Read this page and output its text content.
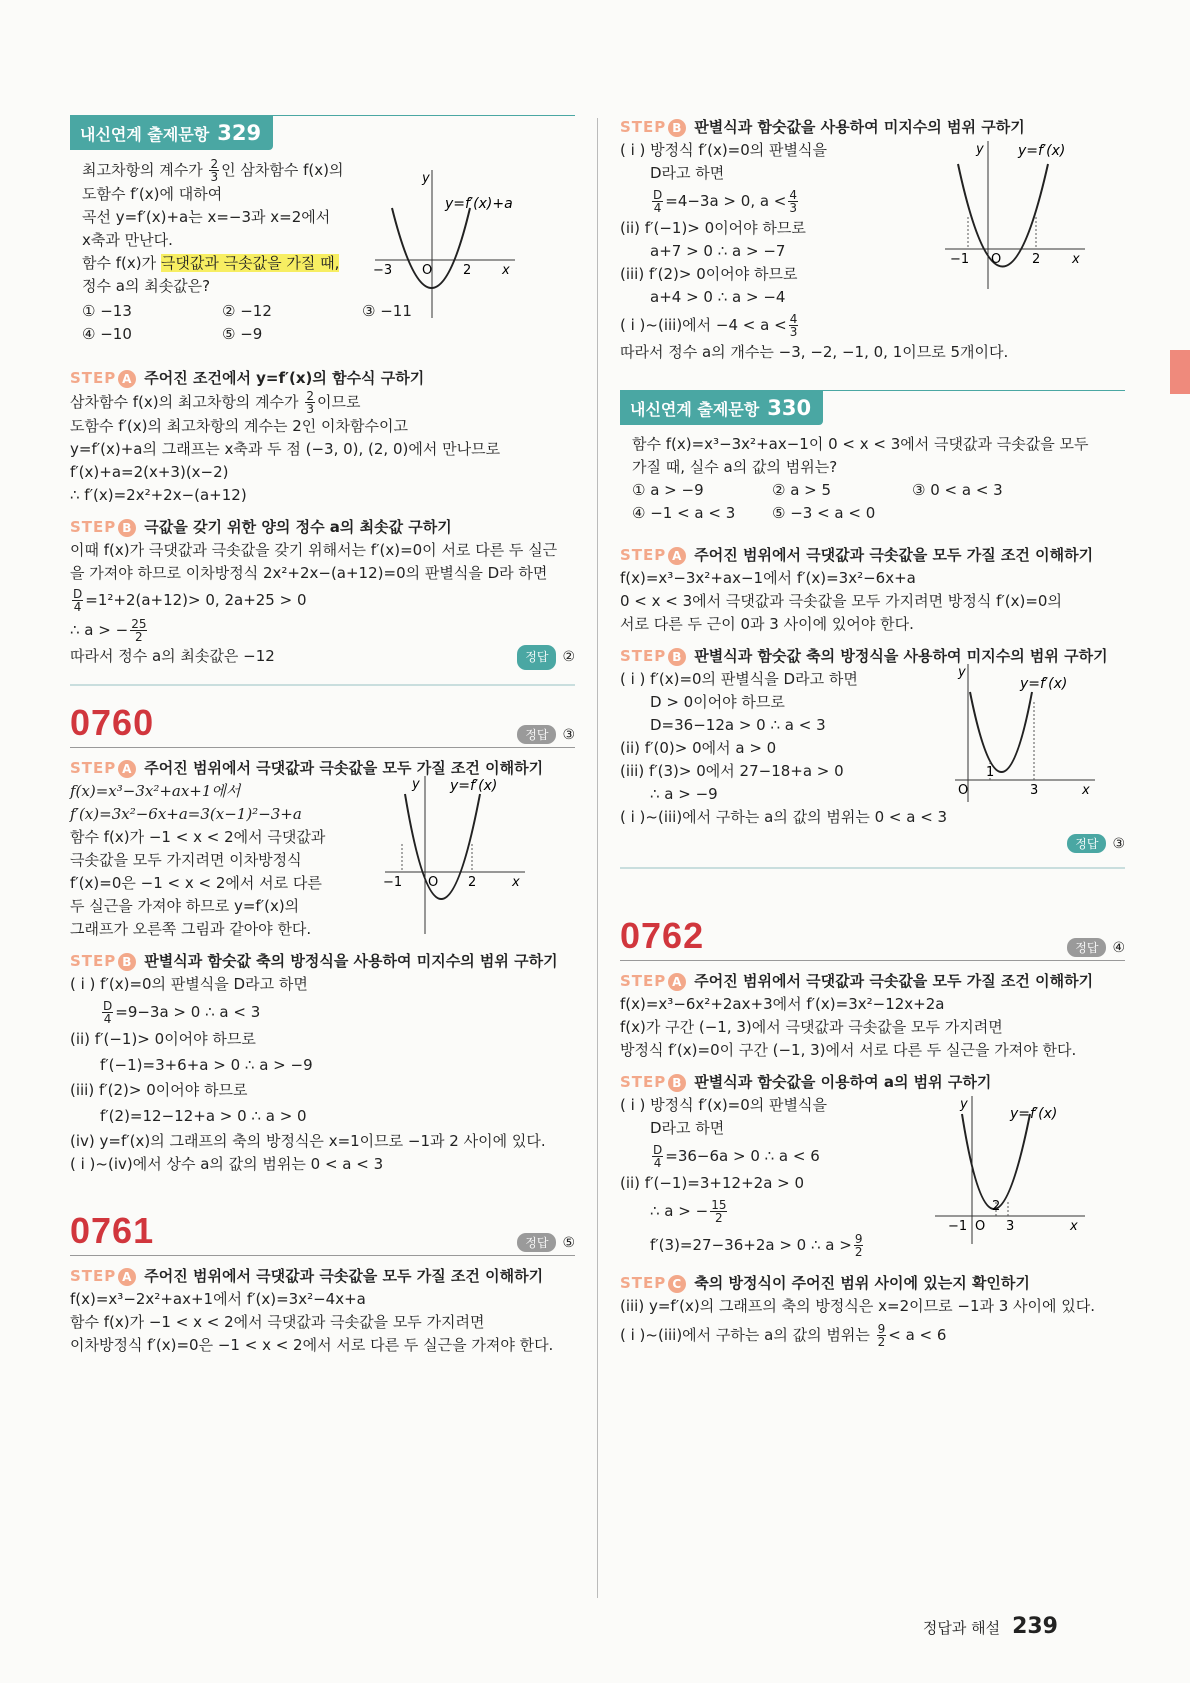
내신연계 출제문항 329
최고차항의 계수가 $\frac{2}{3}$ 인 삼차함수 f(x)의
도함수 f′(x)에 대하여
곡선 y=f′(x)+a는 x=−3과 x=2에서
x축과 만난다.
함수 f(x)가 극댓값과 극솟값을 가질 때,
정수 a의 최솟값은?
① −13	② −12	③ −11
④ −10	⑤ −9
−3 O 2 x
y
y=f′(x)+a
STEP A 주어진 조건에서 y=f′(x)의 함수식 구하기
삼차함수 f(x)의 최고차항의 계수가 $\frac{2}{3}$ 이므로
도함수 f′(x)의 최고차항의 계수는 2인 이차함수이고
y=f′(x)+a의 그래프는 x축과 두 점 (−3, 0), (2, 0)에서 만나므로
f′(x)+a=2(x+3)(x−2)
∴ f′(x)=2x²+2x−(a+12)
STEP B 극값을 갖기 위한 양의 정수 a의 최솟값 구하기
이때 f(x)가 극댓값과 극솟값을 갖기 위해서는 f′(x)=0이 서로 다른 두 실근
을 가져야 하므로 이차방정식 2x²+2x−(a+12)=0의 판별식을 D라 하면
$\frac{D}{4} =1^2+2(a+12)> 0$, 2a+25 > 0
∴ a > − $\frac{25}{2}$
따라서 정수 a의 최솟값은 −12	정답	②
0760	정답	③
STEP A 주어진 범위에서 극댓값과 극솟값을 모두 가질 조건 이해하기
f(x)=x³−3x²+ax+1에서
f′(x)=3x²−6x+a=3(x−1)²−3+a
함수 f(x)가 −1 < x < 2에서 극댓값과
극솟값을 모두 가지려면 이차방정식
f′(x)=0은 −1 < x < 2에서 서로 다른
두 실근을 가져야 하므로 y=f′(x)의
그래프가 오른쪽 그림과 같아야 한다.
−1 O 2	x
y y=f′(x)
STEP B 판별식과 함숫값 축의 방정식을 사용하여 미지수의 범위 구하기
( i ) f′(x)=0의 판별식을 D라고 하면
$\frac{D}{4} =9-3a > 0$ ∴ a < 3
(ii) f′(−1)> 0이어야 하므로
f′(−1)=3+6+a > 0 ∴ a > −9
(iii) f′(2)> 0이어야 하므로
f′(2)=12−12+a > 0 ∴ a > 0
(iv) y=f′(x)의 그래프의 축의 방정식은 x=1이므로 −1과 2 사이에 있다.
( i )~(iv)에서 상수 a의 값의 범위는 0 < a < 3
0761	정답	⑤
STEP A 주어진 범위에서 극댓값과 극솟값을 모두 가질 조건 이해하기
f(x)=x³−2x²+ax+1에서 f′(x)=3x²−4x+a
함수 f(x)가 −1 < x < 2에서 극댓값과 극솟값을 모두 가지려면
이차방정식 f′(x)=0은 −1 < x < 2에서 서로 다른 두 실근을 가져야 한다.
STEP B 판별식과 함숫값을 사용하여 미지수의 범위 구하기
( i ) 방정식 f′(x)=0의 판별식을
D라고 하면
$\frac{D}{4} =4-3a > 0$, $a < \frac{4}{3}$
(ii) f′(−1)> 0이어야 하므로
a+7 > 0 ∴ a > −7
(iii) f′(2)> 0이어야 하므로
a+4 > 0 ∴ a > −4
( i )~(iii)에서 $-4 < a < \frac{4}{3}$
따라서 정수 a의 개수는 −3, −2, −1, 0, 1이므로 5개이다.
−1 O 2 x
y y=f′(x)
내신연계 출제문항 330
함수 f(x)=x³−3x²+ax−1이 0 < x < 3에서 극댓값과 극솟값을 모두
가질 때, 실수 a의 값의 범위는?
① a > −9	② a > 5	③ 0 < a < 3
④ −1 < a < 3	⑤ −3 < a < 0
STEP A 주어진 범위에서 극댓값과 극솟값을 모두 가질 조건 이해하기
f(x)=x³−3x²+ax−1에서 f′(x)=3x²−6x+a
0 < x < 3에서 극댓값과 극솟값을 모두 가지려면 방정식 f′(x)=0의
서로 다른 두 근이 0과 3 사이에 있어야 한다.
STEP B 판별식과 함숫값 축의 방정식을 사용하여 미지수의 범위 구하기
( i ) f′(x)=0의 판별식을 D라고 하면
D > 0이어야 하므로
D=36−12a > 0 ∴ a < 3
(ii) f′(0)> 0에서 a > 0
(iii) f′(3)> 0에서 27−18+a > 0
∴ a > −9
( i )~(iii)에서 구하는 a의 값의 범위는 0 < a < 3
O
1
3	x
y
y=f′(x)
정답	③
0762	정답	④
STEP A 주어진 범위에서 극댓값과 극솟값을 모두 가질 조건 이해하기
f(x)=x³−6x²+2ax+3에서 f′(x)=3x²−12x+2a
f(x)가 구간 (−1, 3)에서 극댓값과 극솟값을 모두 가지려면
방정식 f′(x)=0이 구간 (−1, 3)에서 서로 다른 두 실근을 가져야 한다.
STEP B 판별식과 함숫값을 이용하여 a의 범위 구하기
( i ) 방정식 f′(x)=0의 판별식을
D라고 하면
$\frac{D}{4} =36-6a > 0$ ∴ a < 6
(ii) f′(−1)=3+12+2a > 0
∴ a > − $\frac{15}{2}$
f′(3)=27−36+2a > 0 ∴ $a > \frac{9}{2}$
−1 O
2
3	x
y
y=f′(x)
STEP C 축의 방정식이 주어진 범위 사이에 있는지 확인하기
(iii) y=f′(x)의 그래프의 축의 방정식은 x=2이므로 −1과 3 사이에 있다.
( i )~(iii)에서 구하는 a의 값의 범위는 $\frac{9}{2} < a < 6$
정답과 해설 239
